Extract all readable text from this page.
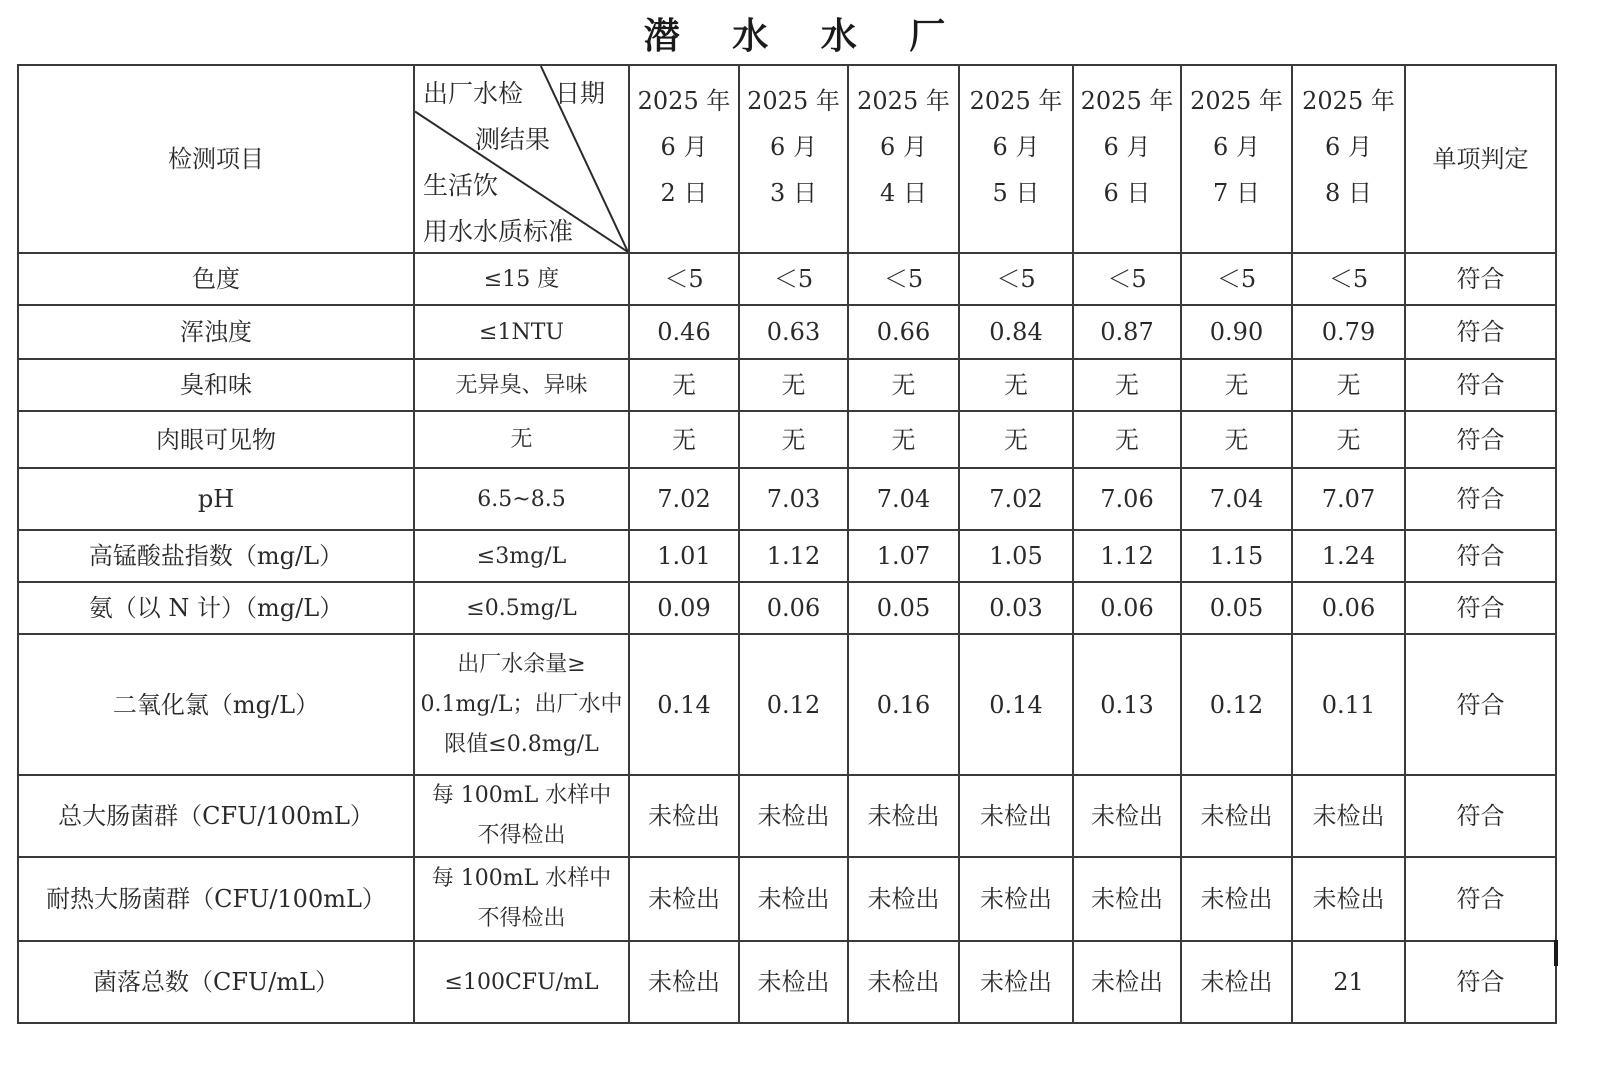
潜 水 水 厂
检测项目	出厂水检 日期
测结果
生活饮
用水水质标准	2025 年
6 月
2 日	2025 年
6 月
3 日	2025 年
6 月
4 日	2025 年
6 月
5 日	2025 年
6 月
6 日	2025 年
6 月
7 日	2025 年
6 月
8 日	单项判定
色度	≤15 度	＜5	＜5	＜5	＜5	＜5	＜5	＜5	符合
浑浊度	≤1NTU	0.46	0.63	0.66	0.84	0.87	0.90	0.79	符合
臭和味	无异臭、异味	无	无	无	无	无	无	无	符合
肉眼可见物	无	无	无	无	无	无	无	无	符合
pH	6.5~8.5	7.02	7.03	7.04	7.02	7.06	7.04	7.07	符合
高锰酸盐指数（mg/L）	≤3mg/L	1.01	1.12	1.07	1.05	1.12	1.15	1.24	符合
氨（以 N 计）（mg/L）	≤0.5mg/L	0.09	0.06	0.05	0.03	0.06	0.05	0.06	符合
二氧化氯（mg/L）	出厂水余量≥
0.1mg/L；出厂水中
限值≤0.8mg/L	0.14	0.12	0.16	0.14	0.13	0.12	0.11	符合
总大肠菌群（CFU/100mL）	每 100mL 水样中
不得检出	未检出	未检出	未检出	未检出	未检出	未检出	未检出	符合
耐热大肠菌群（CFU/100mL）	每 100mL 水样中
不得检出	未检出	未检出	未检出	未检出	未检出	未检出	未检出	符合
菌落总数（CFU/mL）	≤100CFU/mL	未检出	未检出	未检出	未检出	未检出	未检出	21	符合
